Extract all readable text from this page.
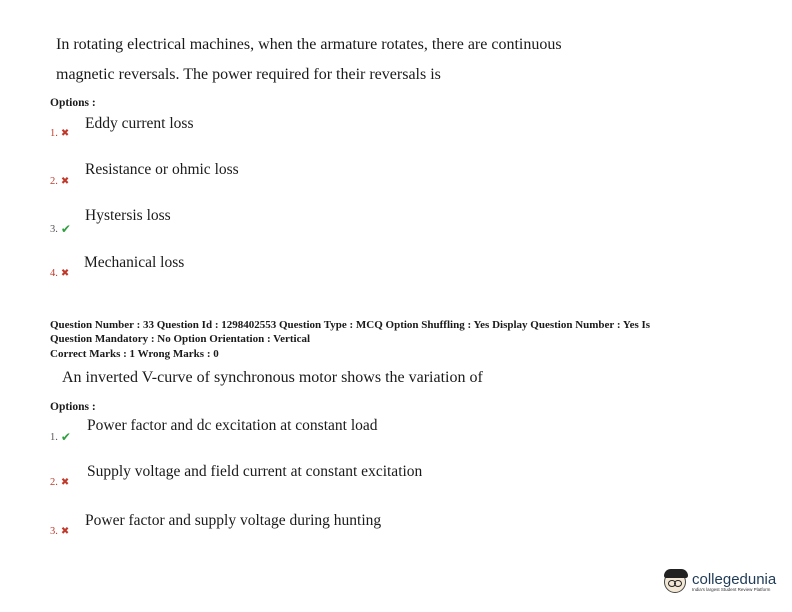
In rotating electrical machines, when the armature rotates, there are continuous
magnetic reversals. The power required for their reversals is
Options :
1. ✖
Eddy current loss
2. ✖
Resistance or ohmic loss
3. ✔
Hystersis loss
4. ✖
Mechanical loss
Question Number : 33 Question Id : 1298402553 Question Type : MCQ Option Shuffling : Yes Display Question Number : Yes Is
Question Mandatory : No Option Orientation : Vertical
Correct Marks : 1 Wrong Marks : 0
An inverted V-curve of synchronous motor shows the variation of
Options :
1. ✔
Power factor and dc excitation at constant load
2. ✖
Supply voltage and field current at constant excitation
3. ✖
Power factor and supply voltage during hunting
collegedunia
India's largest Student Review Platform
